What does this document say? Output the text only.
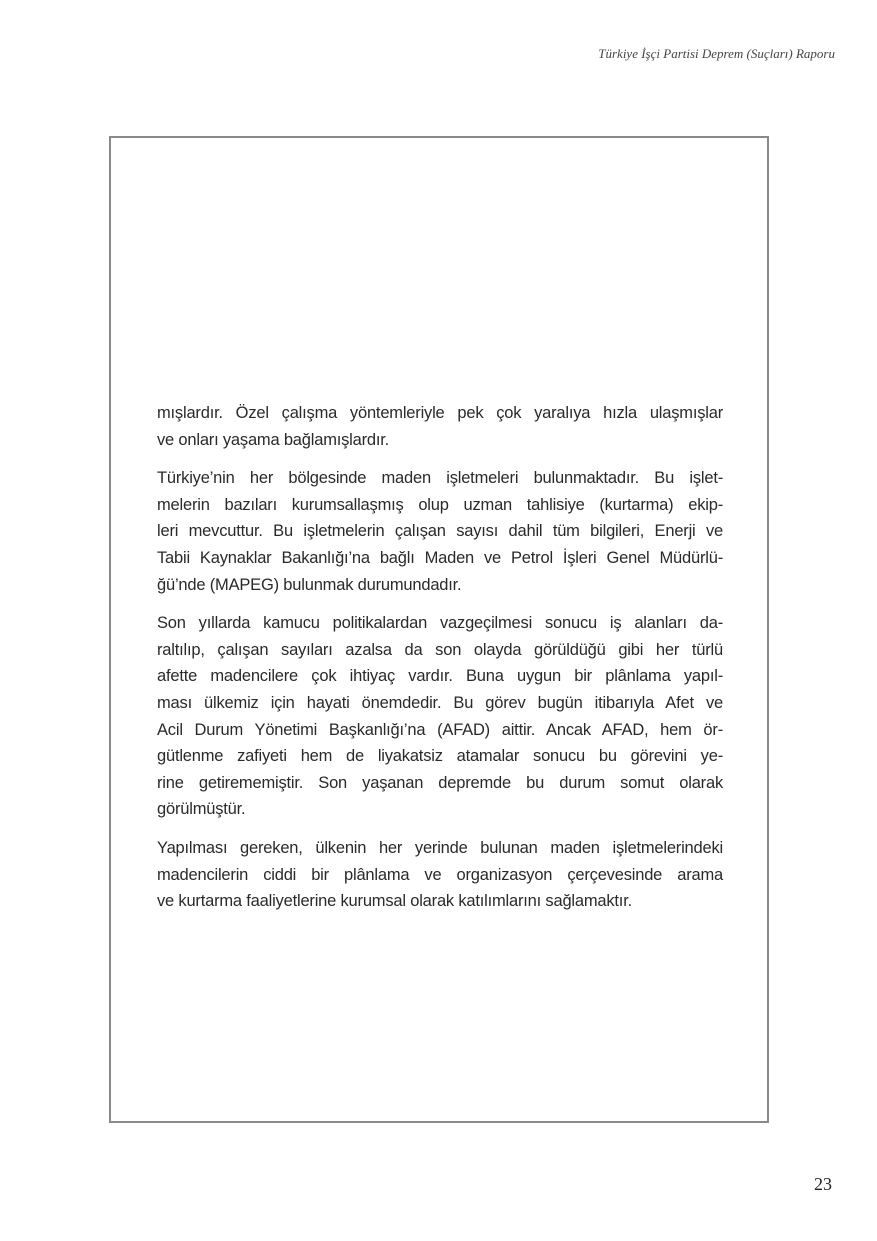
Türkiye İşçi Partisi Deprem (Suçları) Raporu
mışlardır. Özel çalışma yöntemleriyle pek çok yaralıya hızla ulaşmışlar
ve onları yaşama bağlamışlardır.
Türkiye’nin her bölgesinde maden işletmeleri bulunmaktadır. Bu işlet-
melerin bazıları kurumsallaşmış olup uzman tahlisiye (kurtarma) ekip-
leri mevcuttur. Bu işletmelerin çalışan sayısı dahil tüm bilgileri, Enerji ve
Tabii Kaynaklar Bakanlığı’na bağlı Maden ve Petrol İşleri Genel Müdürlü-
ğü’nde (MAPEG) bulunmak durumundadır.
Son yıllarda kamucu politikalardan vazgeçilmesi sonucu iş alanları da-
raltılıp, çalışan sayıları azalsa da son olayda görüldüğü gibi her türlü
afette madencilere çok ihtiyaç vardır. Buna uygun bir plânlama yapıl-
ması ülkemiz için hayati önemdedir. Bu görev bugün itibarıyla Afet ve
Acil Durum Yönetimi Başkanlığı’na (AFAD) aittir. Ancak AFAD, hem ör-
gütlenme zafiyeti hem de liyakatsiz atamalar sonucu bu görevini ye-
rine getirememiştir. Son yaşanan depremde bu durum somut olarak
görülmüştür.
Yapılması gereken, ülkenin her yerinde bulunan maden işletmelerindeki
madencilerin ciddi bir plânlama ve organizasyon çerçevesinde arama
ve kurtarma faaliyetlerine kurumsal olarak katılımlarını sağlamaktır.
23
